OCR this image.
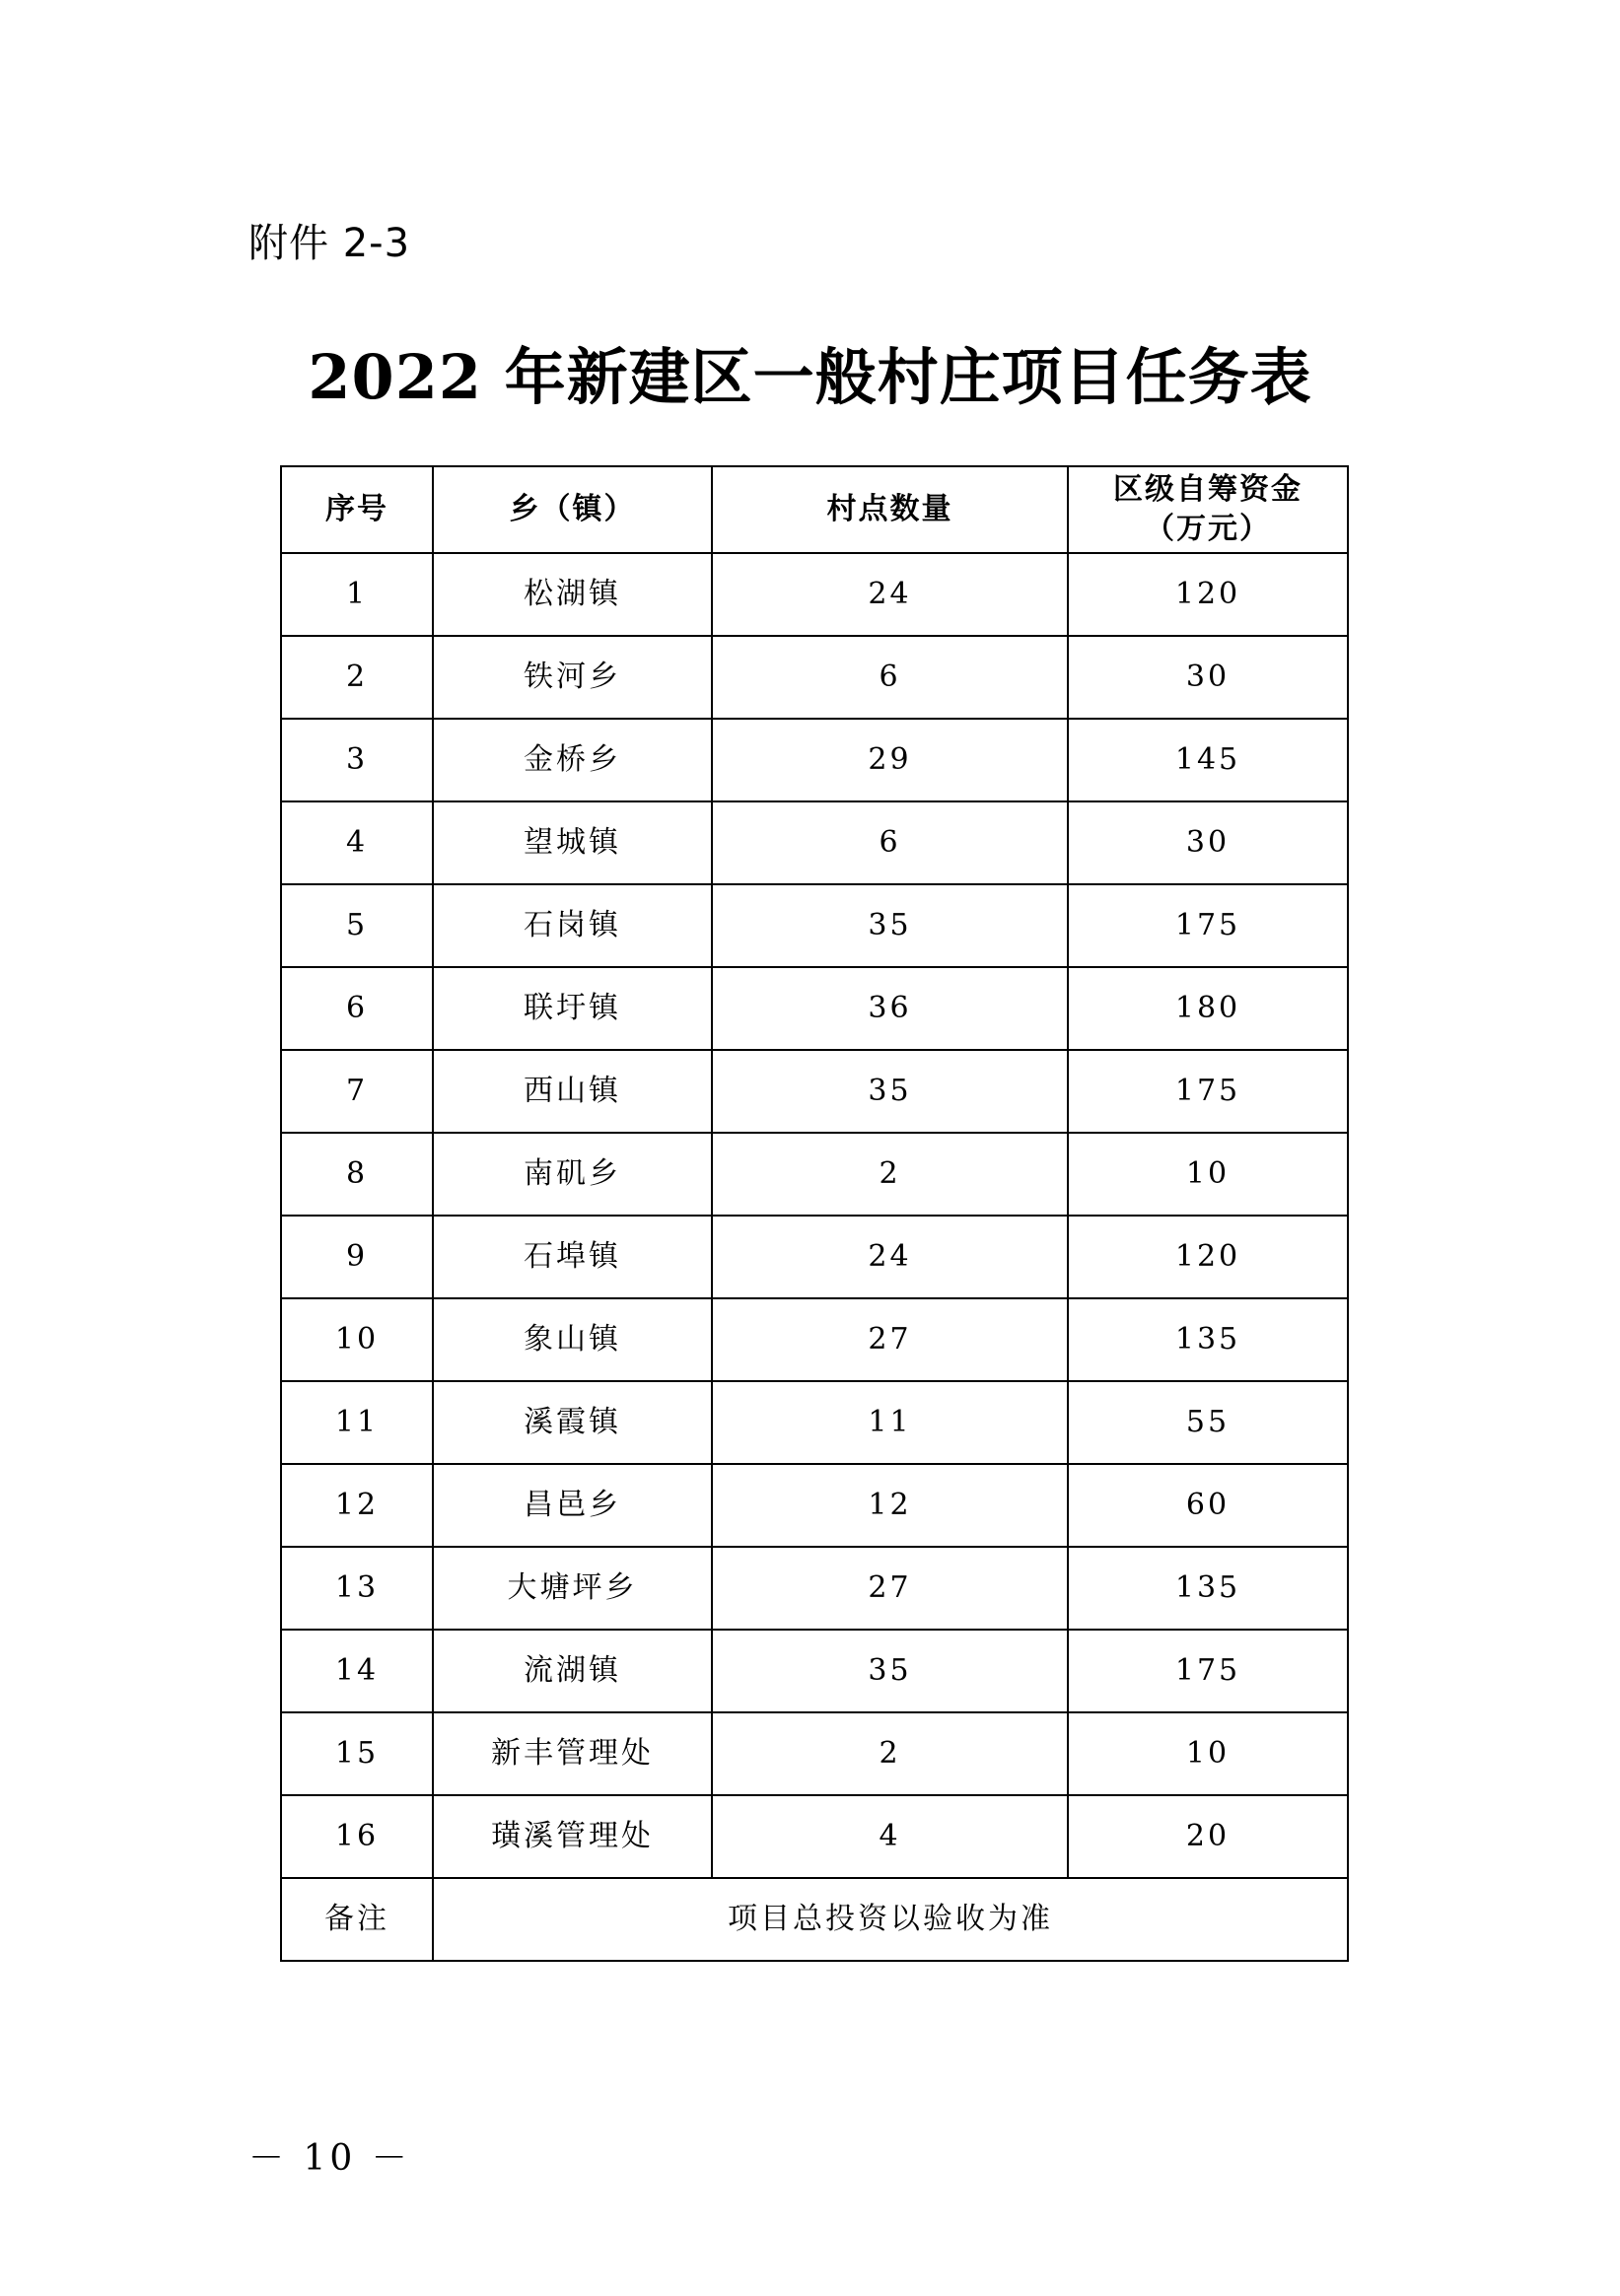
附件 2-3
2022 年新建区一般村庄项目任务表
序号	乡（镇）	村点数量	区级自筹资金
（万元）
1	松湖镇	24	120
2	铁河乡	6	30
3	金桥乡	29	145
4	望城镇	6	30
5	石岗镇	35	175
6	联圩镇	36	180
7	西山镇	35	175
8	南矶乡	2	10
9	石埠镇	24	120
10	象山镇	27	135
11	溪霞镇	11	55
12	昌邑乡	12	60
13	大塘坪乡	27	135
14	流湖镇	35	175
15	新丰管理处	2	10
16	璜溪管理处	4	20
备注	项目总投资以验收为准		
－ 10 －
